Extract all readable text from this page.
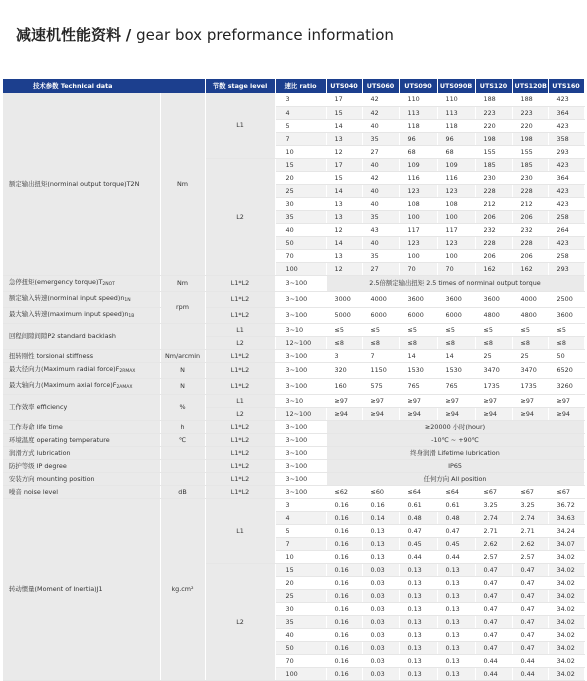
减速机性能资料 / gear box preformance information
技术参数 Technical data		节数 stage level	速比 ratio	UTS040	UTS060	UTS090	UTS090B	UTS120	UTS120B	UTS160
额定输出扭矩(norminal output torque)T2N	Nm	L1	3	17	42	110	110	188	188	423
			4	15	42	113	113	223	223	364
			5	14	40	118	118	220	220	423
			7	13	35	96	96	198	198	358
			10	12	27	68	68	155	155	293
		L2	15	17	40	109	109	185	185	423
			20	15	42	116	116	230	230	364
			25	14	40	123	123	228	228	423
			30	13	40	108	108	212	212	423
			35	13	35	100	100	206	206	258
			40	12	43	117	117	232	232	264
			50	14	40	123	123	228	228	423
			70	13	35	100	100	206	206	258
			100	12	27	70	70	162	162	293
急停扭矩(emergency $torque)T_{2NOT}$	Nm	L1*L2	3~100	2.5倍额定输出扭矩 2.5 times of norminal output torque						
额定输入转速(norminal input $speed)n_{1N}$	rpm	L1*L2	3~100	3000	4000	3600	3600	3600	4000	2500
最大输入转速(maximum input $speed)n_{1B}$		L1*L2	3~100	5000	6000	6000	6000	4800	4800	3600
回程间隙间隙P2 standard backlash		L1	3~10	≤5	≤5	≤5	≤5	≤5	≤5	≤5
		L2	12~100	≤8	≤8	≤8	≤8	≤8	≤8	≤8
扭转刚性 torsional stiffness	Nm/arcmin	L1*L2	3~100	3	7	14	14	25	25	50
最大径向力(Maximum radial $force)F_{2RMAX}$	N	L1*L2	3~100	320	1150	1530	1530	3470	3470	6520
最大轴向力(Maximum axial $force)F_{2AMAX}$	N	L1*L2	3~100	160	575	765	765	1735	1735	3260
工作效率 efficiency	%	L1	3~10	≥97	≥97	≥97	≥97	≥97	≥97	≥97
		L2	12~100	≥94	≥94	≥94	≥94	≥94	≥94	≥94
工作寿命 life time	h	L1*L2	3~100	≥20000 小时(hour)						
环境温度 operating temperature	℃	L1*L2	3~100	-10℃ ~ +90℃						
润滑方式 lubrication		L1*L2	3~100	终身润滑 Lifetime lubrication						
防护等级 IP degree		L1*L2	3~100	IP65						
安装方向 mounting position		L1*L2	3~100	任何方向 All position						
噪音 noise level	dB	L1*L2	3~100	≤62	≤60	≤64	≤64	≤67	≤67	≤67
转动惯量(Moment of Inertia)J1	kg.cm²	L1	3	0.16	0.16	0.61	0.61	3.25	3.25	36.72
			4	0.16	0.14	0.48	0.48	2.74	2.74	34.63
			5	0.16	0.13	0.47	0.47	2.71	2.71	34.24
			7	0.16	0.13	0.45	0.45	2.62	2.62	34.07
			10	0.16	0.13	0.44	0.44	2.57	2.57	34.02
		L2	15	0.16	0.03	0.13	0.13	0.47	0.47	34.02
			20	0.16	0.03	0.13	0.13	0.47	0.47	34.02
			25	0.16	0.03	0.13	0.13	0.47	0.47	34.02
			30	0.16	0.03	0.13	0.13	0.47	0.47	34.02
			35	0.16	0.03	0.13	0.13	0.47	0.47	34.02
			40	0.16	0.03	0.13	0.13	0.47	0.47	34.02
			50	0.16	0.03	0.13	0.13	0.47	0.47	34.02
			70	0.16	0.03	0.13	0.13	0.44	0.44	34.02
			100	0.16	0.03	0.13	0.13	0.44	0.44	34.02
